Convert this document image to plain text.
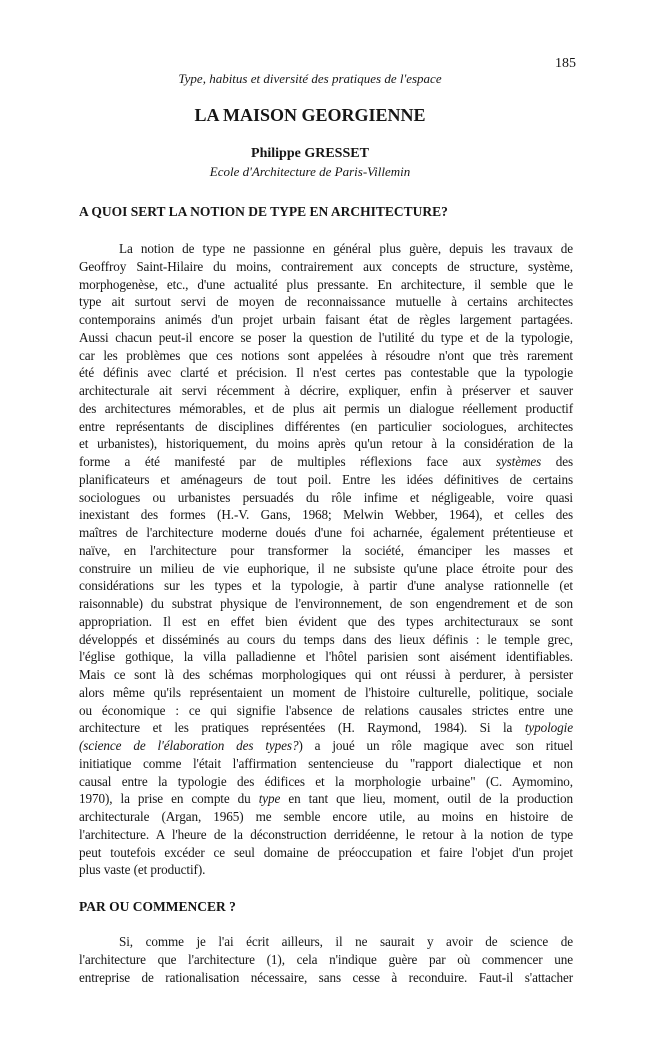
185
Type, habitus et diversité des pratiques de l'espace
LA MAISON GEORGIENNE
Philippe GRESSET
Ecole d'Architecture de Paris-Villemin
A QUOI SERT LA NOTION DE TYPE EN ARCHITECTURE?
La notion de type ne passionne en général plus guère, depuis les travaux de
Geoffroy Saint-Hilaire du moins, contrairement aux concepts de structure, système,
morphogenèse, etc., d'une actualité plus pressante. En architecture, il semble que le
type ait surtout servi de moyen de reconnaissance mutuelle à certains architectes
contemporains animés d'un projet urbain faisant état de règles largement partagées.
Aussi chacun peut-il encore se poser la question de l'utilité du type et de la typologie,
car les problèmes que ces notions sont appelées à résoudre n'ont que très rarement
été définis avec clarté et précision. Il n'est certes pas contestable que la typologie
architecturale ait servi récemment à décrire, expliquer, enfin à préserver et sauver
des architectures mémorables, et de plus ait permis un dialogue réellement productif
entre représentants de disciplines différentes (en particulier sociologues, architectes
et urbanistes), historiquement, du moins après qu'un retour à la considération de la
forme a été manifesté par de multiples réflexions face aux systèmes des
planificateurs et aménageurs de tout poil. Entre les idées définitives de certains
sociologues ou urbanistes persuadés du rôle infime et négligeable, voire quasi
inexistant des formes (H.-V. Gans, 1968; Melwin Webber, 1964), et celles des
maîtres de l'architecture moderne doués d'une foi acharnée, également prétentieuse et
naïve, en l'architecture pour transformer la société, émanciper les masses et
construire un milieu de vie euphorique, il ne subsiste qu'une place étroite pour des
considérations sur les types et la typologie, à partir d'une analyse rationnelle (et
raisonnable) du substrat physique de l'environnement, de son engendrement et de son
appropriation. Il est en effet bien évident que des types architecturaux se sont
développés et disséminés au cours du temps dans des lieux définis : le temple grec,
l'église gothique, la villa palladienne et l'hôtel parisien sont aisément identifiables.
Mais ce sont là des schémas morphologiques qui ont réussi à perdurer, à persister
alors même qu'ils représentaient un moment de l'histoire culturelle, politique, sociale
ou économique : ce qui signifie l'absence de relations causales strictes entre une
architecture et les pratiques représentées (H. Raymond, 1984). Si la typologie
(science de l'élaboration des types?) a joué un rôle magique avec son rituel
initiatique comme l'était l'affirmation sentencieuse du "rapport dialectique et non
causal entre la typologie des édifices et la morphologie urbaine" (C. Aymomino,
1970), la prise en compte du type en tant que lieu, moment, outil de la production
architecturale (Argan, 1965) me semble encore utile, au moins en histoire de
l'architecture. A l'heure de la déconstruction derridéenne, le retour à la notion de type
peut toutefois excéder ce seul domaine de préoccupation et faire l'objet d'un projet
plus vaste (et productif).
PAR OU COMMENCER ?
Si, comme je l'ai écrit ailleurs, il ne saurait y avoir de science de
l'architecture que l'architecture (1), cela n'indique guère par où commencer une
entreprise de rationalisation nécessaire, sans cesse à reconduire. Faut-il s'attacher
